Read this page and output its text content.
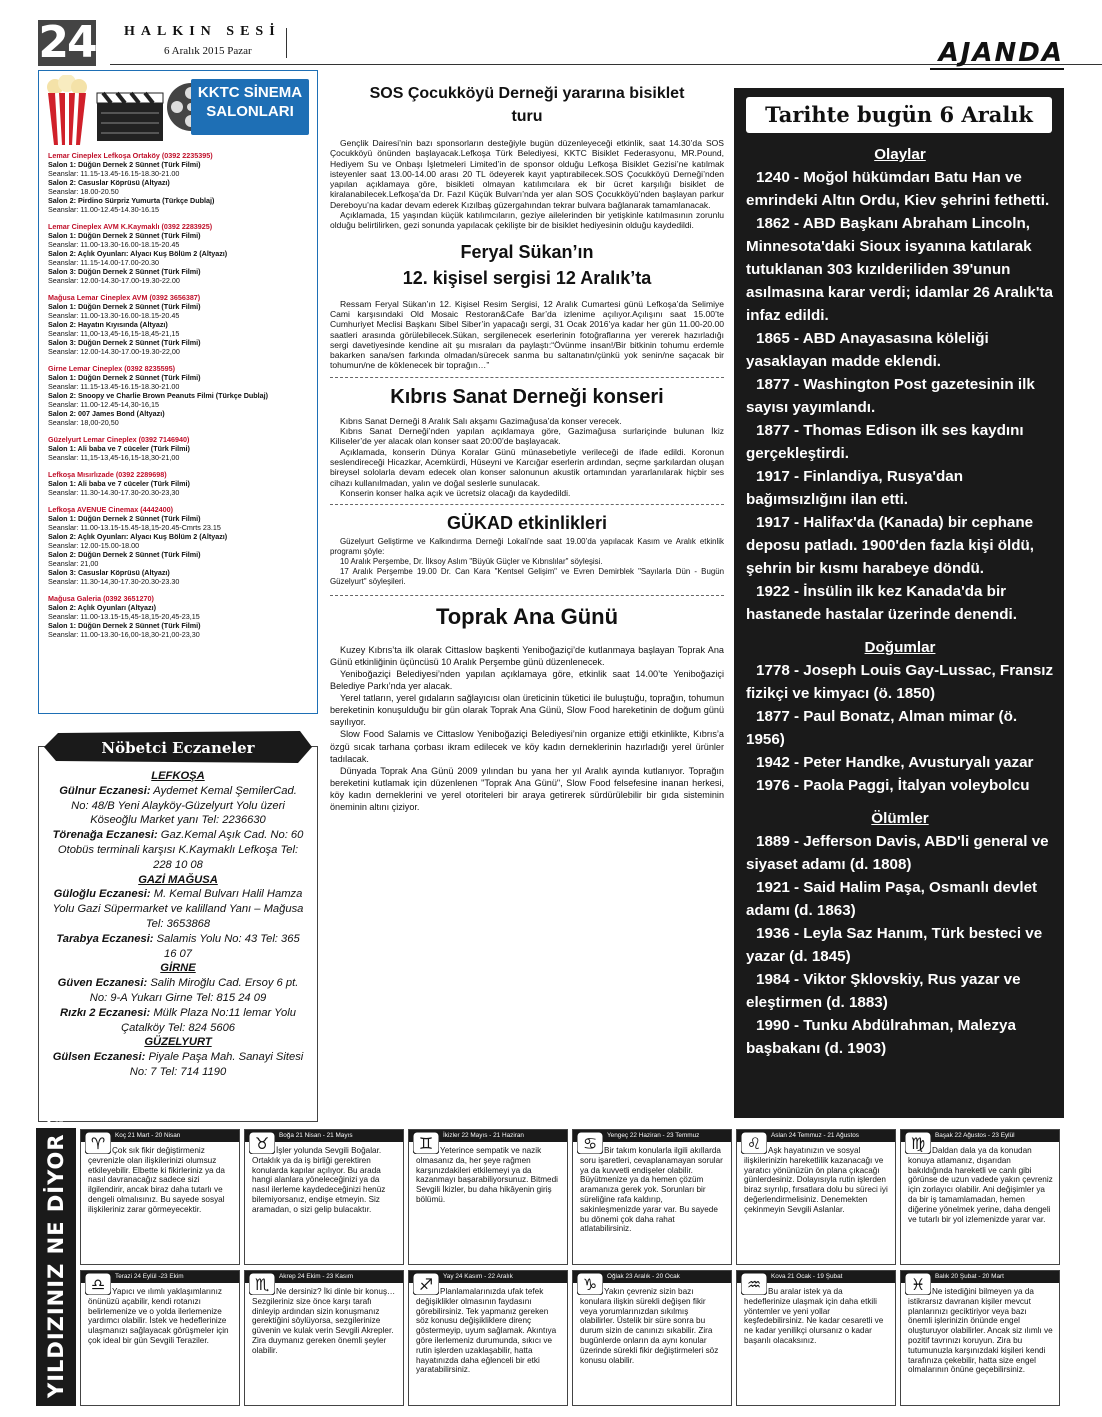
24 HALKIN SESİ
6 Aralık 2015 Pazar	AJANDA
KKTC SİNEMA SALONLARI
Lemar Cineplex Lefkoşa Ortaköy (0392 2235395)
Salon 1: Düğün Dernek 2 Sünnet (Türk Filmi)
Seanslar: 11.15-13.45-16.15-18.30-21.00
Salon 2: Casuslar Köprüsü (Altyazı)
Seanslar: 18.00-20.50
Salon 2: Pirdino Sürpriz Yumurta (Türkçe Dublaj)
Seanslar: 11.00-12.45-14.30-16.15
Lemar Cineplex AVM K.Kaymaklı (0392 2283925)
Salon 1: Düğün Dernek 2 Sünnet (Türk Filmi)
Seanslar: 11.00-13.30-16.00-18.15-20.45
Salon 2: Açlık Oyunları: Alyacı Kuş Bölüm 2 (Altyazı)
Seanslar: 11.15-14.00-17.00-20.30
Salon 3: Düğün Dernek 2 Sünnet (Türk Filmi)
Seanslar: 12.00-14.30-17.00-19.30-22.00
Mağusa Lemar Cineplex AVM (0392 3656387)
Salon 1: Düğün Dernek 2 Sünnet (Türk Filmi)
Seanslar: 11.00-13.30-16.00-18.15-20.45
Salon 2: Hayatın Kıyısında (Altyazı)
Seanslar: 11,00-13,45-16,15-18,45-21,15
Salon 3: Düğün Dernek 2 Sünnet (Türk Filmi)
Seanslar: 12.00-14.30-17.00-19.30-22,00
Girne Lemar Cineplex (0392 8235595)
Salon 1: Düğün Dernek 2 Sünnet (Türk Filmi)
Seanslar: 11.15-13.45-16.15-18.30-21.00
Salon 2: Snoopy ve Charlie Brown Peanuts Filmi (Türkçe Dublaj)
Seanslar: 11.00-12.45-14,30-16,15
Salon 2: 007 James Bond (Altyazı)
Seanslar: 18,00-20,50
Güzelyurt Lemar Cineplex (0392 7146940)
Salon 1: Ali baba ve 7 cüceler (Türk Filmi)
Seanslar: 11,15-13,45-16,15-18,30-21,00
Lefkoşa Mısırlızade (0392 2289698)
Salon 1: Ali baba ve 7 cüceler (Türk Filmi)
Seanslar: 11.30-14.30-17.30-20.30-23,30
Lefkoşa AVENUE Cinemax (4442400)
Salon 1: Düğün Dernek 2 Sünnet (Türk Filmi)
Seanslar: 11.00-13.15-15.45-18,15-20.45-Cmrts 23.15
Salon 2: Açlık Oyunları: Alyacı Kuş Bölüm 2 (Altyazı)
Seanslar: 12.00-15.00-18.00
Salon 2: Düğün Dernek 2 Sünnet (Türk Filmi)
Seanslar: 21,00
Salon 3: Casuslar Köprüsü (Altyazı)
Seanslar: 11.30-14,30-17.30-20.30-23.30
Mağusa Galeria (0392 3651270)
Salon 2: Açlık Oyunları (Altyazı)
Seanslar: 11.00-13.15-15,45-18,15-20,45-23,15
Salon 1: Düğün Dernek 2 Sünnet (Türk Filmi)
Seanslar: 11.00-13.30-16,00-18,30-21,00-23,30
LEFKOŞA
Gülnur Eczanesi: Aydemet Kemal ŞemilerCad. No: 48/B Yeni Alayköy-Güzelyurt Yolu üzeri Köseoğlu Market yanı Tel: 2236630
Törenağa Eczanesi: Gaz.Kemal Aşık Cad. No: 60 Otobüs terminali karşısı K.Kaymaklı Lefkoşa Tel: 228 10 08
GAZİ MAĞUSA
Güloğlu Eczanesi: M. Kemal Bulvarı Halil Hamza Yolu Gazi Süpermarket ve kalilland Yanı – Mağusa Tel: 3653868
Tarabya Eczanesi: Salamis Yolu No: 43 Tel: 365 16 07
GİRNE
Güven Eczanesi: Salih Miroğlu Cad. Ersoy 6 pt. No: 9-A Yukarı Girne Tel: 815 24 09
Rızkı 2 Eczanesi: Mülk Plaza No:11 lemar Yolu Çatalköy Tel: 824 5606
GÜZELYURT
Gülsen Eczanesi: Piyale Paşa Mah. Sanayi Sitesi No: 7 Tel: 714 1190
Nöbetci Eczaneler
SOS Çocukköyü Derneği yararına bisiklet turu

Gençlik Dairesi’nin bazı sponsorların desteğiyle bugün düzenleyeceği etkinlik, saat 14.30’da SOS Çocukköyü önünden başlayacak.Lefkoşa Türk Belediyesi, KKTC Bisiklet Federasyonu, MR.Pound, Hediyem Su ve Onbaşı İşletmeleri Limited’in de sponsor olduğu Lefkoşa Bisiklet Gezisi’ne katılmak isteyenler saat 13.00-14.00 arası 20 TL ödeyerek kayıt yaptırabilecek.SOS Çocukköyü Derneği’nden yapılan açıklamaya göre, bisikleti olmayan katılımcılara ek bir ücret karşılığı bisiklet de kiralanabilecek.Lefkoşa’da Dr. Fazıl Küçük Bulvarı’nda yer alan SOS Çocukköyü’nden başlayan parkur Dereboyu’na kadar devam ederek Kızılbaş güzergahından tekrar bulvara bağlanarak tamamlanacak.

Açıklamada, 15 yaşından küçük katılımcıların, geziye ailelerinden bir yetişkinle katılmasının zorunlu olduğu belirtilirken, gezi sonunda yapılacak çekilişte bir de bisiklet hediyesinin olduğu kaydedildi.

Feryal Sükan’ın
12. kişisel sergisi 12 Aralık’ta

Ressam Feryal Sükan’ın 12. Kişisel Resim Sergisi, 12 Aralık Cumartesi günü Lefkoşa’da Selimiye Cami karşısındaki Old Mosaic Restoran&Cafe Bar’da izlenime açılıyor.Açılışını saat 15.00’te Cumhuriyet Meclisi Başkanı Sibel Siber’in yapacağı sergi, 31 Ocak 2016’ya kadar her gün 11.00-20.00 saatleri arasında görülebilecek.Sükan, sergilenecek eserlerinin fotoğraflarına yer vererek hazırladığı sergi davetiyesinde kendine ait şu mısraları da paylaştı:“Övünme insan!/Bir bitkinin tohumu erdemle bakarken sana/sen farkında olmadan/sürecek sanma bu saltanatın/çünkü yok senin/ne saçacak bir tohumun/ne de köklenecek bir toprağın…”

Kıbrıs Sanat Derneği konseri

Kıbrıs Sanat Derneği 8 Aralık Salı akşamı Gazimağusa’da konser verecek.

Kıbrıs Sanat Derneği’nden yapılan açıklamaya göre, Gazimağusa surlariçinde bulunan İkiz Kiliseler’de yer alacak olan konser saat 20:00’de başlayacak.

Açıklamada, konserin Dünya Koralar Günü münasebetiyle verileceği de ifade edildi. Koronun seslendireceği Hicazkar, Acemkürdi, Hüseyni ve Karcığar eserlerin ardından, seçme şarkılardan oluşan bireysel sololarla devam edecek olan konser salonunun akustik ortamından yararlanılarak hiçbir ses cihazı kullanılmadan, yalın ve doğal seslerle sunulacak.

Konserin konser halka açık ve ücretsiz olacağı da kaydedildi.

GÜKAD etkinlikleri

Güzelyurt Geliştirme ve Kalkındırma Derneği Lokali’nde saat 19.00’da yapılacak Kasım ve Aralık etkinlik programı şöyle:

10 Aralık Perşembe, Dr. İlksoy Aslım "Büyük Güçler ve Kıbrıslılar" söyleşisi.

17 Aralık Perşembe 19.00 Dr. Can Kara "Kentsel Gelişim" ve Evren Demirblek "Sayılarla Dün - Bugün Güzelyurt" söyleşileri.

Toprak Ana Günü

Kuzey Kıbrıs’ta ilk olarak Cittaslow başkenti Yeniboğaziçi’de kutlanmaya başlayan Toprak Ana Günü etkinliğinin üçüncüsü 10 Aralık Perşembe günü düzenlenecek.

Yeniboğaziçi Belediyesi’nden yapılan açıklamaya göre, etkinlik saat 14.00’te Yeniboğaziçi Belediye Parkı’nda yer alacak.

Yerel tatların, yerel gıdaların sağlayıcısı olan üreticinin tüketici ile buluştuğu, toprağın, tohumun bereketinin konuşulduğu bir gün olarak Toprak Ana Günü, Slow Food hareketinin de doğum günü sayılıyor.

Slow Food Salamis ve Cittaslow Yeniboğaziçi Belediyesi’nin organize ettiği etkinlikte, Kıbrıs’a özgü sıcak tarhana çorbası ikram edilecek ve köy kadın derneklerinin hazırladığı yerel ürünler tadılacak.

Dünyada Toprak Ana Günü 2009 yılından bu yana her yıl Aralık ayında kutlanıyor. Toprağın bereketini kutlamak için düzenlenen "Toprak Ana Günü", Slow Food felsefesine inanan herkesi, köy kadın derneklerini ve yerel otoriteleri bir araya getirerek sürdürülebilir bir gıda sisteminin öneminin altını çiziyor.

Tarihte bugün 6 Aralık
Olaylar
1240 - Moğol hükümdarı Batu Han ve emrindeki Altın Ordu, Kiev şehrini fethetti.
1862 - ABD Başkanı Abraham Lincoln, Minnesota'daki Sioux isyanına katılarak tutuklanan 303 kızılderiliden 39'unun asılmasına karar verdi; idamlar 26 Aralık'ta infaz edildi.
1865 - ABD Anayasasına köleliği yasaklayan madde eklendi.
1877 - Washington Post gazetesinin ilk sayısı yayımlandı.
1877 - Thomas Edison ilk ses kaydını gerçekleştirdi.
1917 - Finlandiya, Rusya'dan bağımsızlığını ilan etti.
1917 - Halifax'da (Kanada) bir cephane deposu patladı. 1900'den fazla kişi öldü, şehrin bir kısmı harabeye döndü.
1922 - İnsülin ilk kez Kanada'da bir hastanede hastalar üzerinde denendi.
Doğumlar
1778 - Joseph Louis Gay-Lussac, Fransız fizikçi ve kimyacı (ö. 1850)
1877 - Paul Bonatz, Alman mimar (ö. 1956)
1942 - Peter Handke, Avusturyalı yazar
1976 - Paola Paggi, İtalyan voleybolcu
Ölümler
1889 - Jefferson Davis, ABD'li general ve siyaset adamı (d. 1808)
1921 - Said Halim Paşa, Osmanlı devlet adamı (d. 1863)
1936 - Leyla Saz Hanım, Türk besteci ve yazar (d. 1845)
1984 - Viktor Şklovskiy, Rus yazar ve eleştirmen (d. 1883)
1990 - Tunku Abdülrahman, Malezya başbakanı (d. 1903)
YILDIZINIZ NE DİYOR ?	Koç 21 Mart - 20 Nisan
♈ Çok sık fikir değiştirmeniz çevrenizle olan ilişkilerinizi olumsuz etkileyebilir. Elbette ki fikirleriniz ya da nasıl davranacağız sadece sizi ilgilendirir, ancak biraz daha tutarlı ve dengeli olmalısınız. Bu sayede sosyal ilişkileriniz zarar görmeyecektir.
Boğa 21 Nisan - 21 Mayıs
♉ İşler yolunda Sevgili Boğalar. Ortaklık ya da iş birliği gerektiren konularda kapılar açılıyor. Bu arada hangi alanlara yöneleceğinizi ya da nasıl ilerleme kaydedeceğinizi henüz bilemiyorsanız, endişe etmeyin. Siz aramadan, o sizi gelip bulacaktır.
İkizler 22 Mayıs - 21 Haziran
♊ Yeterince sempatik ve nazik olmasanız da, her şeye rağmen karşınızdakileri etkilemeyi ya da kazanmayı başarabiliyorsunuz. Bitmedi Sevgili İkizler, bu daha hikâyenin giriş bölümü.
Yengeç 22 Haziran - 23 Temmuz
♋ Bir takım konularla ilgili akıllarda soru işaretleri, cevaplanamayan sorular ya da kuvvetli endişeler olabilir. Büyütmenize ya da hemen çözüm aramanıza gerek yok. Sorunları bir süreliğine rafa kaldırıp, sakinleşmenizde yarar var. Bu sayede bu dönemi çok daha rahat atlatabilirsiniz.
Aslan 24 Temmuz - 21 Ağustos
♌ Aşk hayatınızın ve sosyal ilişkilerinizin hareketlilik kazanacağı ve yaratıcı yönünüzün ön plana çıkacağı günlerdesiniz. Dolayısıyla rutin işlerden biraz sıyrılıp, fırsatlara dolu bu süreci iyi değerlendirmelisiniz. Denemekten çekinmeyin Sevgili Aslanlar.
Başak 22 Ağustos - 23 Eylül
♍ Daldan dala ya da konudan konuya atlamanız, dışarıdan bakıldığında hareketli ve canlı gibi görünse de uzun vadede yakın çevreniz için zorlayıcı olabilir. Ani değişimler ya da bir iş tamamlamadan, hemen diğerine yönelmek yerine, daha dengeli ve tutarlı bir yol izlemenizde yarar var.
Terazi 24 Eylül -23 Ekim
♎ Yapıcı ve ılımlı yaklaşımlarınız önünüzü açabilir, kendi rotanızı belirlemenize ve o yolda ilerlemenize yardımcı olabilir. İstek ve hedeflerinize ulaşmanızı sağlayacak görüşmeler için çok ideal bir gün Sevgili Teraziler.
Akrep 24 Ekim - 23 Kasım
♏ Ne dersiniz? İki dinle bir konuş… Sezgileriniz size önce karşı tarafı dinleyip ardından sizin konuşmanız gerektiğini söylüyorsa, sezgilerinize güvenin ve kulak verin Sevgili Akrepler. Zira duymanız gereken önemli şeyler olabilir.
Yay 24 Kasım - 22 Aralık
♐ Planlamalarınızda ufak tefek değişiklikler olmasının faydasını görebilirsiniz. Tek yapmanız gereken söz konusu değişikliklere direnç göstermeyip, uyum sağlamak. Akıntıya göre ilerlemeniz durumunda, sıkıcı ve rutin işlerden uzaklaşabilir, hatta hayatınızda daha eğlenceli bir etki yaratabilirsiniz.
Oğlak 23 Aralık - 20 Ocak
♑ Yakın çevreniz sizin bazı konulara ilişkin sürekli değişen fikir veya yorumlarınızdan sıkılmış olabilirler. Üstelik bir süre sonra bu durum sizin de canınızı sıkabilir. Zira bugünlerde onların da aynı konular üzerinde sürekli fikir değiştirmeleri söz konusu olabilir.
Kova 21 Ocak - 19 Şubat
♒ Bu aralar istek ya da hedeflerinize ulaşmak için daha etkili yöntemler ve yeni yollar keşfedebilirsiniz. Ne kadar cesaretli ve ne kadar yenilikçi olursanız o kadar başarılı olacaksınız.
Balık 20 Şubat - 20 Mart
♓ Ne istediğini bilmeyen ya da istikrarsız davranan kişiler mevcut planlarınızı geciktiriyor veya bazı önemli işlerinizin önünde engel oluşturuyor olabilirler. Ancak siz ılımlı ve pozitif tavrınızı koruyun. Zira bu tutumunuzla karşınızdaki kişileri kendi tarafınıza çekebilir, hatta size engel olmalarının önüne geçebilirsiniz.
